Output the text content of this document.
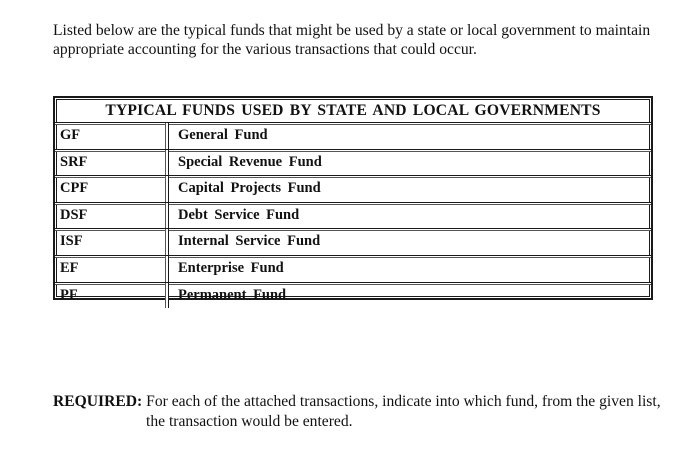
Listed below are the typical funds that might be used by a state or local government to maintain
appropriate accounting for the various transactions that could occur.
TYPICAL FUNDS USED BY STATE AND LOCAL GOVERNMENTS
GF	General Fund
SRF	Special Revenue Fund
CPF	Capital Projects Fund
DSF	Debt Service Fund
ISF	Internal Service Fund
EF	Enterprise Fund
PF	Permanent Fund
REQUIRED: For each of the attached transactions, indicate into which fund, from the given list,
the transaction would be entered.
